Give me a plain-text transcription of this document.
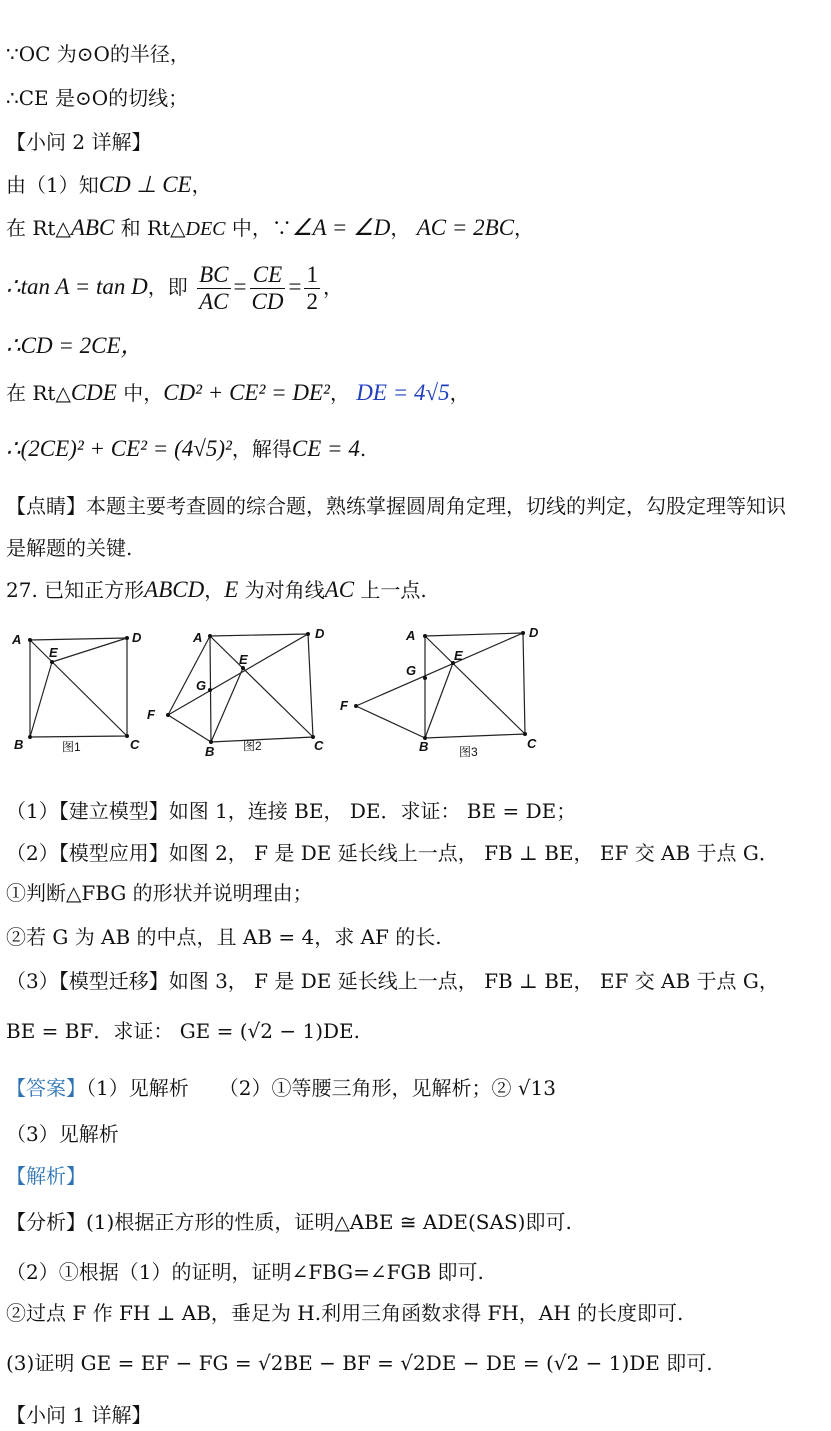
∵OC 为⊙O的半径，
∴CE 是⊙O的切线；
【小问 2 详解】
由（1）知CD ⊥ CE，
在 Rt△ABC 和 Rt△DEC 中，∵∠A = ∠D， AC = 2BC，
∴tan A = tan D，即 $\frac{BC}{AC} = \frac{CE}{CD} = \frac{1}{2}$ ，
∴CD = 2CE，
在 Rt△CDE 中，CD² + CE² = DE²， DE = 4√5，
∴(2CE)² + CE² = (4√5)²，解得CE = 4.
【点睛】本题主要考查圆的综合题，熟练掌握圆周角定理，切线的判定，勾股定理等知识
是解题的关键.
27. 已知正方形ABCD，E 为对角线AC 上一点.
A	D
C
B
E
A	D
C
B
E
F
G
A	D
C
B
E
F
G
图1	图2	图3
（1）【建立模型】如图 1，连接 BE， DE．求证： BE = DE；
（2）【模型应用】如图 2， F 是 DE 延长线上一点， FB ⊥ BE， EF 交 AB 于点 G．
①判断△FBG 的形状并说明理由；
②若 G 为 AB 的中点，且 AB = 4，求 AF 的长.
（3）【模型迁移】如图 3， F 是 DE 延长线上一点， FB ⊥ BE， EF 交 AB 于点 G，
BE = BF．求证： GE = (√2 − 1)DE.
【答案】（1）见解析　　（2）①等腰三角形，见解析；② √13
（3）见解析
【解析】
【分析】(1)根据正方形的性质，证明△ABE ≅ ADE(SAS)即可.
（2）①根据（1）的证明，证明∠FBG=∠FGB 即可.
②过点 F 作 FH ⊥ AB，垂足为 H.利用三角函数求得 FH，AH 的长度即可.
(3)证明 GE = EF − FG = √2BE − BF = √2DE − DE = (√2 − 1)DE 即可.
【小问 1 详解】
